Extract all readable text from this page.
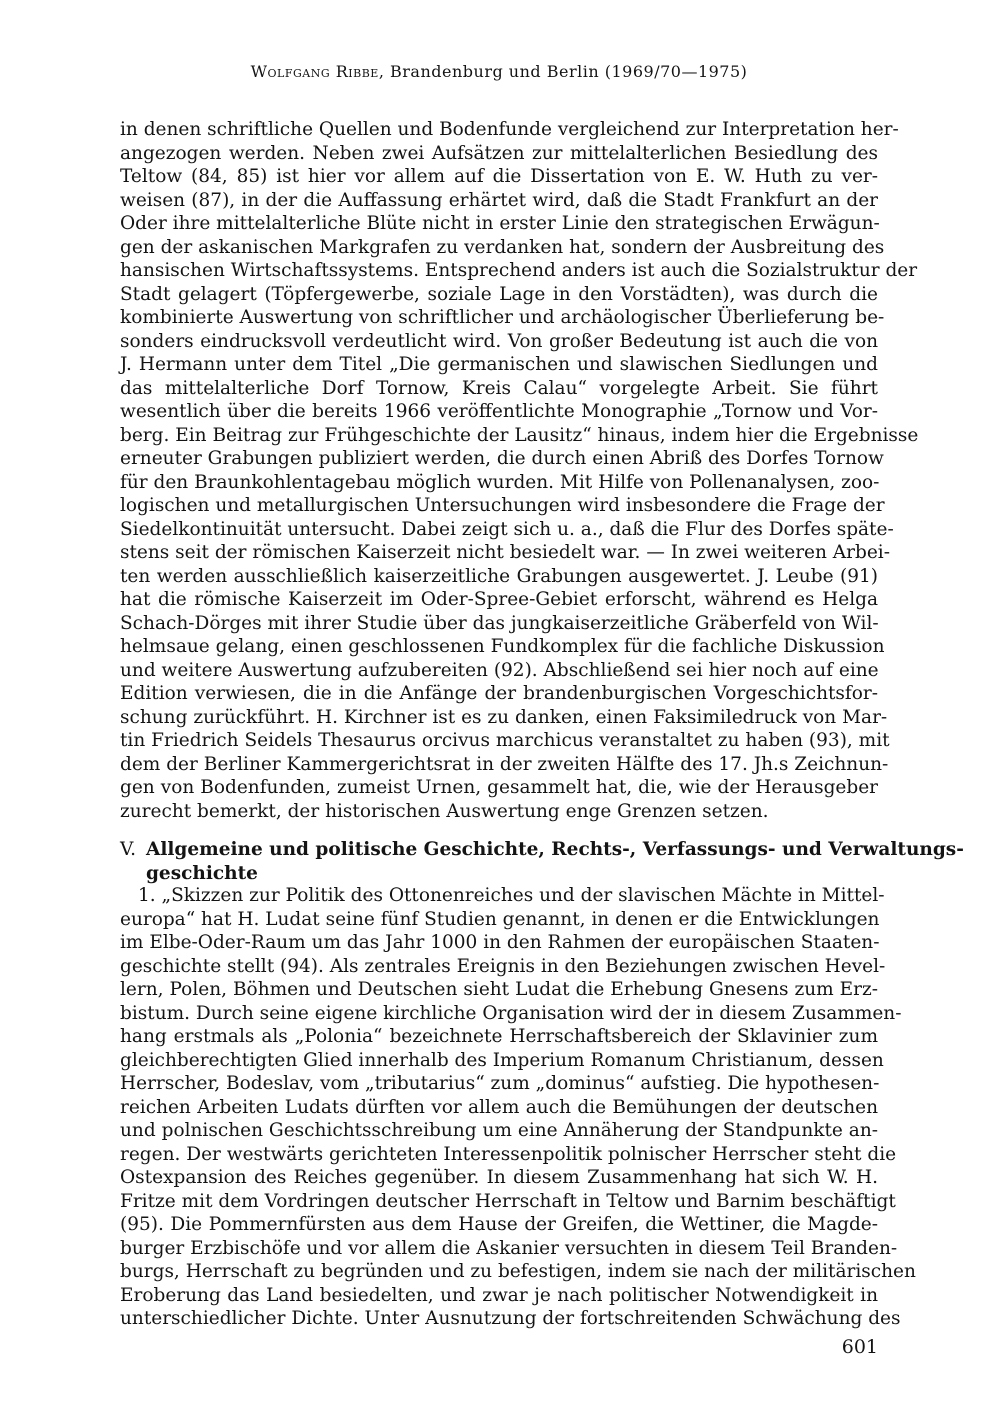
Wolfgang Ribbe, Brandenburg und Berlin (1969/70—1975)
in denen schriftliche Quellen und Bodenfunde vergleichend zur Interpretation her-
angezogen werden. Neben zwei Aufsätzen zur mittelalterlichen Besiedlung des
Teltow (84, 85) ist hier vor allem auf die Dissertation von E. W. Huth zu ver-
weisen (87), in der die Auffassung erhärtet wird, daß die Stadt Frankfurt an der
Oder ihre mittelalterliche Blüte nicht in erster Linie den strategischen Erwägun-
gen der askanischen Markgrafen zu verdanken hat, sondern der Ausbreitung des
hansischen Wirtschaftssystems. Entsprechend anders ist auch die Sozialstruktur der
Stadt gelagert (Töpfergewerbe, soziale Lage in den Vorstädten), was durch die
kombinierte Auswertung von schriftlicher und archäologischer Überlieferung be-
sonders eindrucksvoll verdeutlicht wird. Von großer Bedeutung ist auch die von
J. Hermann unter dem Titel „Die germanischen und slawischen Siedlungen und
das mittelalterliche Dorf Tornow, Kreis Calau“ vorgelegte Arbeit. Sie führt
wesentlich über die bereits 1966 veröffentlichte Monographie „Tornow und Vor-
berg. Ein Beitrag zur Frühgeschichte der Lausitz“ hinaus, indem hier die Ergebnisse
erneuter Grabungen publiziert werden, die durch einen Abriß des Dorfes Tornow
für den Braunkohlentagebau möglich wurden. Mit Hilfe von Pollenanalysen, zoo-
logischen und metallurgischen Untersuchungen wird insbesondere die Frage der
Siedelkontinuität untersucht. Dabei zeigt sich u. a., daß die Flur des Dorfes späte-
stens seit der römischen Kaiserzeit nicht besiedelt war. — In zwei weiteren Arbei-
ten werden ausschließlich kaiserzeitliche Grabungen ausgewertet. J. Leube (91)
hat die römische Kaiserzeit im Oder-Spree-Gebiet erforscht, während es Helga
Schach-Dörges mit ihrer Studie über das jungkaiserzeitliche Gräberfeld von Wil-
helmsaue gelang, einen geschlossenen Fundkomplex für die fachliche Diskussion
und weitere Auswertung aufzubereiten (92). Abschließend sei hier noch auf eine
Edition verwiesen, die in die Anfänge der brandenburgischen Vorgeschichtsfor-
schung zurückführt. H. Kirchner ist es zu danken, einen Faksimiledruck von Mar-
tin Friedrich Seidels Thesaurus orcivus marchicus veranstaltet zu haben (93), mit
dem der Berliner Kammergerichtsrat in der zweiten Hälfte des 17. Jh.s Zeichnun-
gen von Bodenfunden, zumeist Urnen, gesammelt hat, die, wie der Herausgeber
zurecht bemerkt, der historischen Auswertung enge Grenzen setzen.
V. Allgemeine und politische Geschichte, Rechts-, Verfassungs- und Verwaltungs-
geschichte
1. „Skizzen zur Politik des Ottonenreiches und der slavischen Mächte in Mittel-
europa“ hat H. Ludat seine fünf Studien genannt, in denen er die Entwicklungen
im Elbe-Oder-Raum um das Jahr 1000 in den Rahmen der europäischen Staaten-
geschichte stellt (94). Als zentrales Ereignis in den Beziehungen zwischen Hevel-
lern, Polen, Böhmen und Deutschen sieht Ludat die Erhebung Gnesens zum Erz-
bistum. Durch seine eigene kirchliche Organisation wird der in diesem Zusammen-
hang erstmals als „Polonia“ bezeichnete Herrschaftsbereich der Sklavinier zum
gleichberechtigten Glied innerhalb des Imperium Romanum Christianum, dessen
Herrscher, Bodeslav, vom „tributarius“ zum „dominus“ aufstieg. Die hypothesen-
reichen Arbeiten Ludats dürften vor allem auch die Bemühungen der deutschen
und polnischen Geschichtsschreibung um eine Annäherung der Standpunkte an-
regen. Der westwärts gerichteten Interessenpolitik polnischer Herrscher steht die
Ostexpansion des Reiches gegenüber. In diesem Zusammenhang hat sich W. H.
Fritze mit dem Vordringen deutscher Herrschaft in Teltow und Barnim beschäftigt
(95). Die Pommernfürsten aus dem Hause der Greifen, die Wettiner, die Magde-
burger Erzbischöfe und vor allem die Askanier versuchten in diesem Teil Branden-
burgs, Herrschaft zu begründen und zu befestigen, indem sie nach der militärischen
Eroberung das Land besiedelten, und zwar je nach politischer Notwendigkeit in
unterschiedlicher Dichte. Unter Ausnutzung der fortschreitenden Schwächung des
601
